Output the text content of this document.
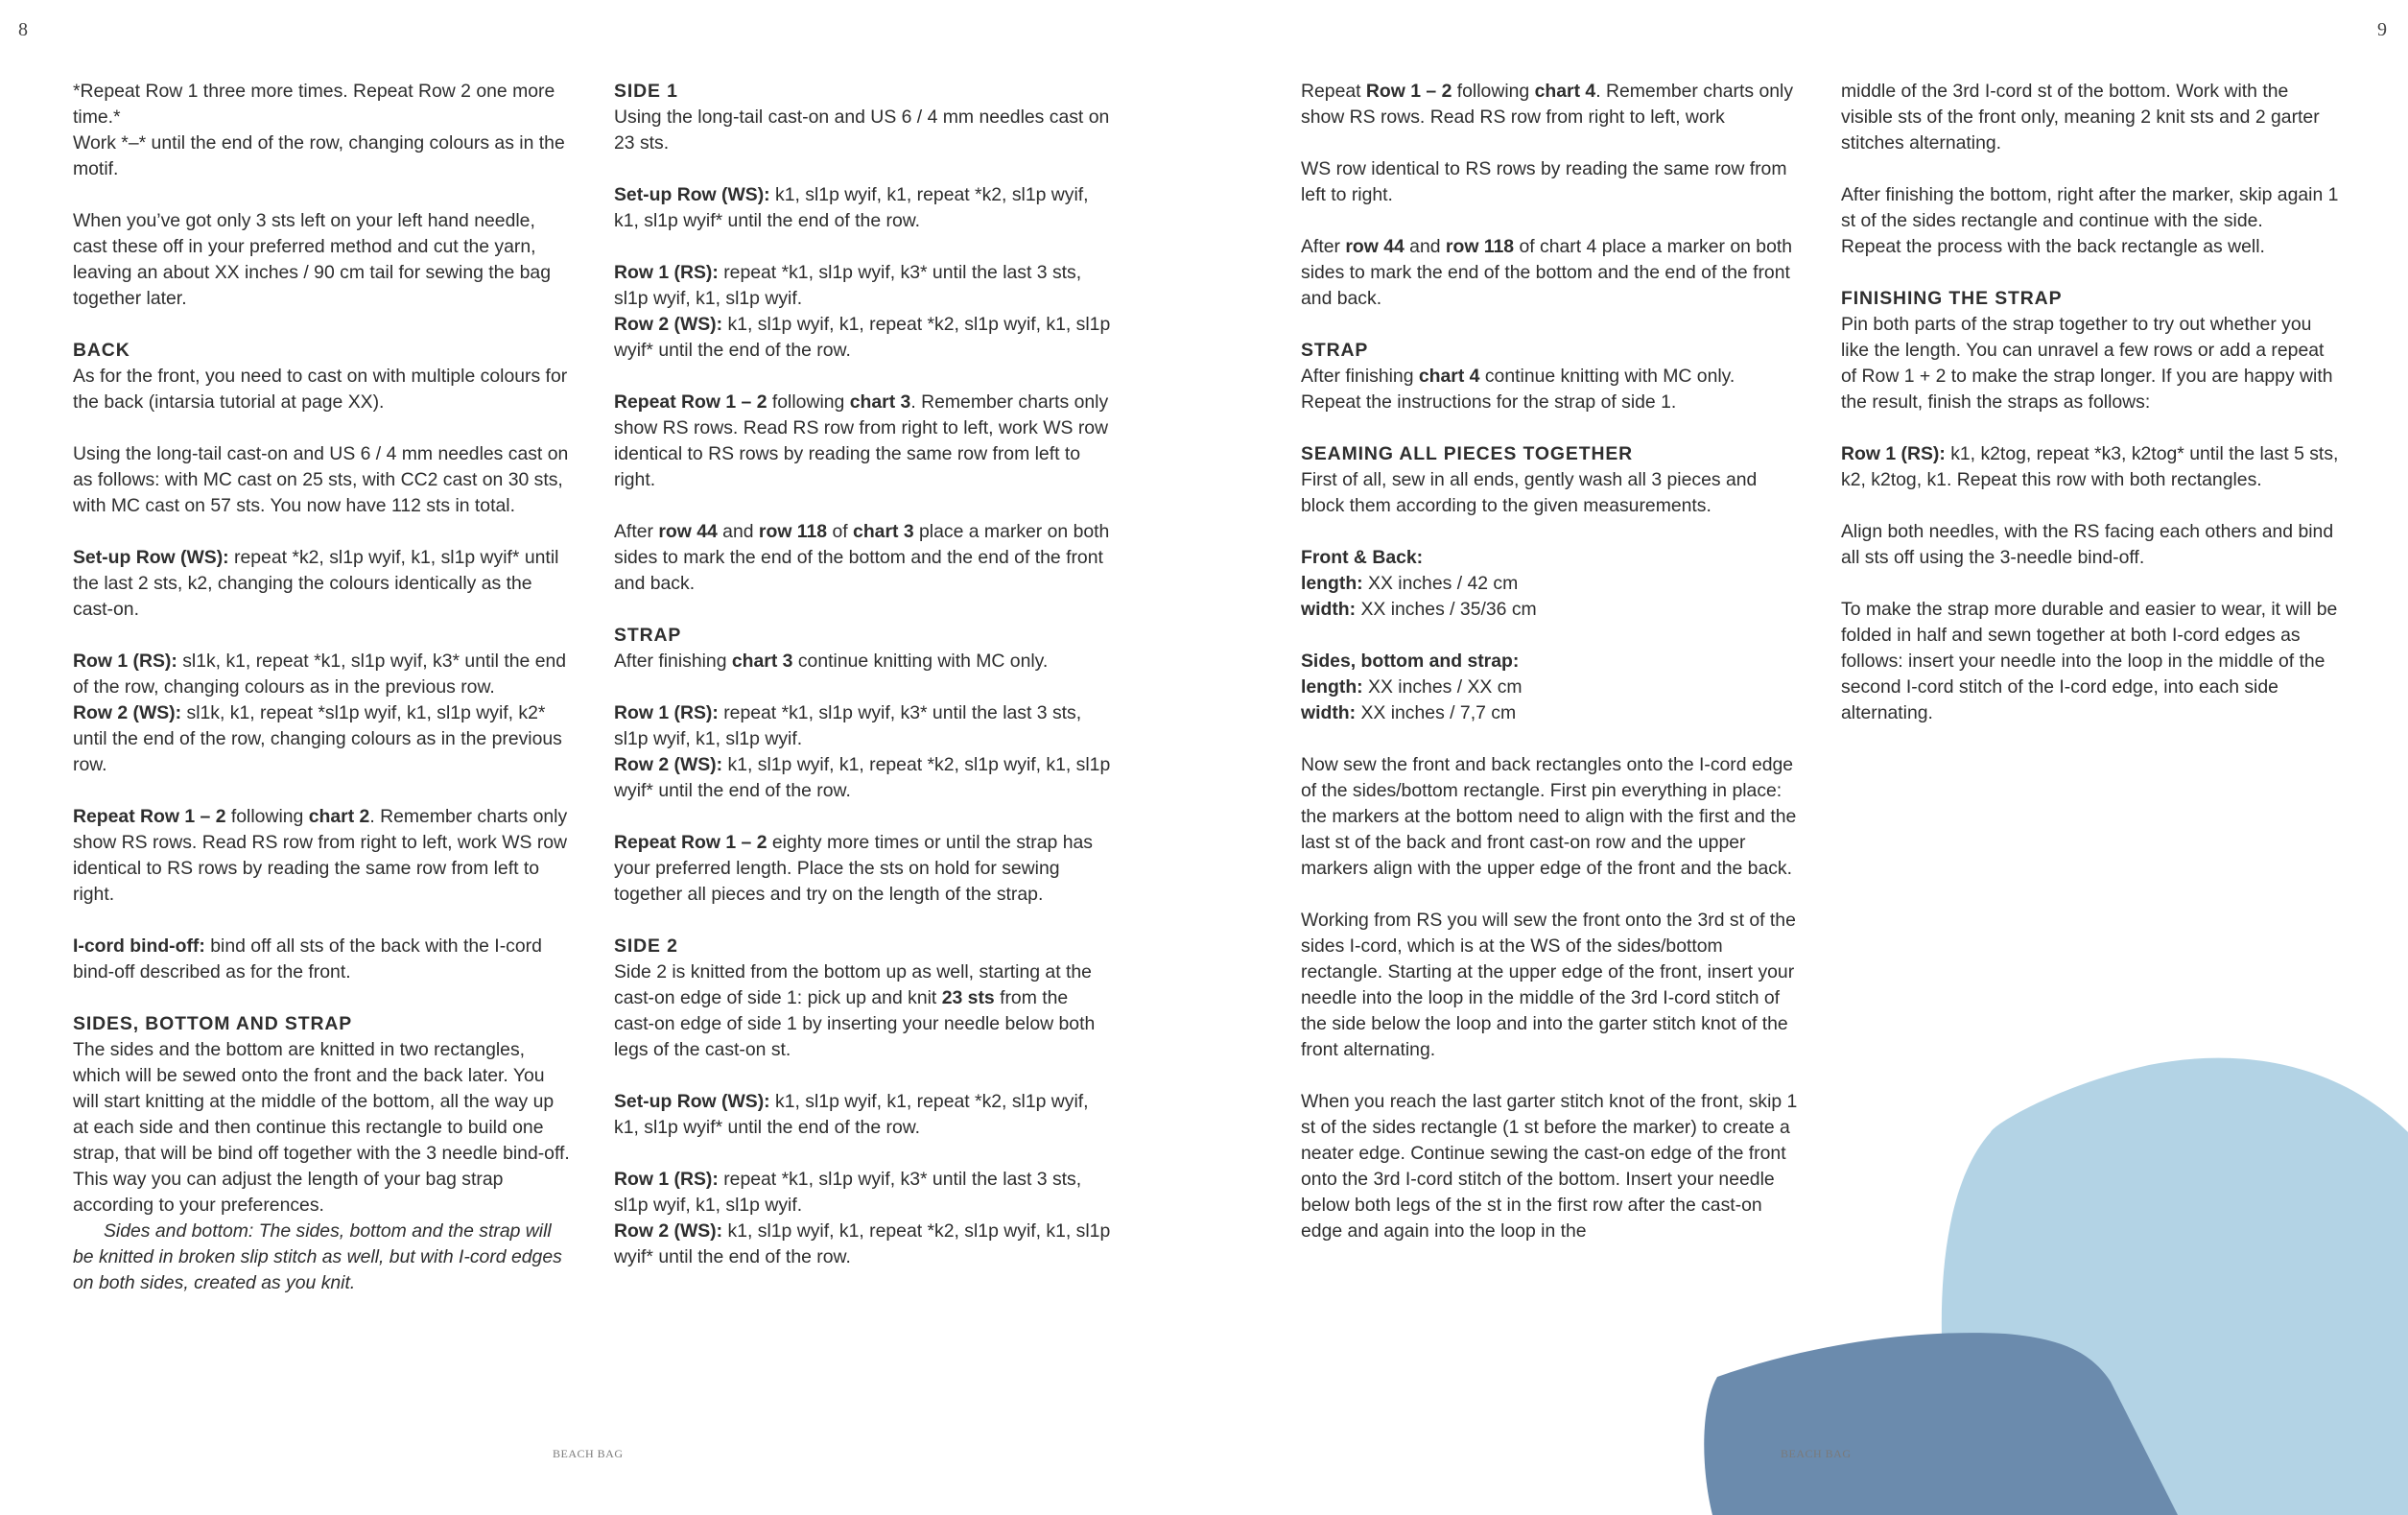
8	9

*Repeat Row 1 three more times. Repeat Row 2 one more time.*

Work *–* until the end of the row, changing colours as in the motif.

When you’ve got only 3 sts left on your left hand needle, cast these off in your preferred method and cut the yarn, leaving an about XX inches / 90 cm tail for sewing the bag together later.

BACK

As for the front, you need to cast on with multiple colours for the back (intarsia tutorial at page XX).

Using the long-tail cast-on and US 6 / 4 mm needles cast on as follows: with MC cast on 25 sts, with CC2 cast on 30 sts, with MC cast on 57 sts. You now have 112 sts in total.

Set-up Row (WS): repeat *k2, sl1p wyif, k1, sl1p wyif* until the last 2 sts, k2, changing the colours identically as the cast-on.

Row 1 (RS): sl1k, k1, repeat *k1, sl1p wyif, k3* until the end of the row, changing colours as in the previous row.

Row 2 (WS): sl1k, k1, repeat *sl1p wyif, k1, sl1p wyif, k2* until the end of the row, changing colours as in the previous row.

Repeat Row 1 – 2 following chart 2. Remember charts only show RS rows. Read RS row from right to left, work WS row identical to RS rows by reading the same row from left to right.

I-cord bind-off: bind off all sts of the back with the I-cord bind-off described as for the front.

SIDES, BOTTOM AND STRAP

The sides and the bottom are knitted in two rectangles, which will be sewed onto the front and the back later. You will start knitting at the middle of the bottom, all the way up at each side and then continue this rectangle to build one strap, that will be bind off together with the 3 needle bind-off. This way you can adjust the length of your bag strap according to your preferences.

Sides and bottom: The sides, bottom and the strap will be knitted in broken slip stitch as well, but with I-cord edges on both sides, created as you knit.

SIDE 1

Using the long-tail cast-on and US 6 / 4 mm needles cast on 23 sts.

Set-up Row (WS): k1, sl1p wyif, k1, repeat *k2, sl1p wyif, k1, sl1p wyif* until the end of the row.

Row 1 (RS): repeat *k1, sl1p wyif, k3* until the last 3 sts, sl1p wyif, k1, sl1p wyif.

Row 2 (WS): k1, sl1p wyif, k1, repeat *k2, sl1p wyif, k1, sl1p wyif* until the end of the row.

Repeat Row 1 – 2 following chart 3. Remember charts only show RS rows. Read RS row from right to left, work WS row identical to RS rows by reading the same row from left to right.

After row 44 and row 118 of chart 3 place a marker on both sides to mark the end of the bottom and the end of the front and back.

STRAP

After finishing chart 3 continue knitting with MC only.

Row 1 (RS): repeat *k1, sl1p wyif, k3* until the last 3 sts, sl1p wyif, k1, sl1p wyif.

Row 2 (WS): k1, sl1p wyif, k1, repeat *k2, sl1p wyif, k1, sl1p wyif* until the end of the row.

Repeat Row 1 – 2 eighty more times or until the strap has your preferred length. Place the sts on hold for sewing together all pieces and try on the length of the strap.

SIDE 2

Side 2 is knitted from the bottom up as well, starting at the cast-on edge of side 1: pick up and knit 23 sts from the cast-on edge of side 1 by inserting your needle below both legs of the cast-on st.

Set-up Row (WS): k1, sl1p wyif, k1, repeat *k2, sl1p wyif, k1, sl1p wyif* until the end of the row.

Row 1 (RS): repeat *k1, sl1p wyif, k3* until the last 3 sts, sl1p wyif, k1, sl1p wyif.

Row 2 (WS): k1, sl1p wyif, k1, repeat *k2, sl1p wyif, k1, sl1p wyif* until the end of the row.

Repeat Row 1 – 2 following chart 4. Remember charts only show RS rows. Read RS row from right to left, work

WS row identical to RS rows by reading the same row from left to right.

After row 44 and row 118 of chart 4 place a marker on both sides to mark the end of the bottom and the end of the front and back.

STRAP

After finishing chart 4 continue knitting with MC only. Repeat the instructions for the strap of side 1.

SEAMING ALL PIECES TOGETHER

First of all, sew in all ends, gently wash all 3 pieces and block them according to the given measurements.

Front & Back:

length: XX inches / 42 cm

width: XX inches / 35/36 cm

Sides, bottom and strap:

length: XX inches / XX cm

width: XX inches / 7,7 cm

Now sew the front and back rectangles onto the I-cord edge of the sides/bottom rectangle. First pin everything in place: the markers at the bottom need to align with the first and the last st of the back and front cast-on row and the upper markers align with the upper edge of the front and the back.

Working from RS you will sew the front onto the 3rd st of the sides I-cord, which is at the WS of the sides/bottom rectangle. Starting at the upper edge of the front, insert your needle into the loop in the middle of the 3rd I-cord stitch of the side below the loop and into the garter stitch knot of the front alternating.

When you reach the last garter stitch knot of the front, skip 1 st of the sides rectangle (1 st before the marker) to create a neater edge. Continue sewing the cast-on edge of the front onto the 3rd I-cord stitch of the bottom. Insert your needle below both legs of the st in the first row after the cast-on edge and again into the loop in the

middle of the 3rd I-cord st of the bottom. Work with the visible sts of the front only, meaning 2 knit sts and 2 garter stitches alternating.

After finishing the bottom, right after the marker, skip again 1 st of the sides rectangle and continue with the side.

Repeat the process with the back rectangle as well.

FINISHING THE STRAP

Pin both parts of the strap together to try out whether you like the length. You can unravel a few rows or add a repeat of Row 1 + 2 to make the strap longer. If you are happy with the result, finish the straps as follows:

Row 1 (RS): k1, k2tog, repeat *k3, k2tog* until the last 5 sts, k2, k2tog, k1. Repeat this row with both rectangles.

Align both needles, with the RS facing each others and bind all sts off using the 3-needle bind-off.

To make the strap more durable and easier to wear, it will be folded in half and sewn together at both I-cord edges as follows: insert your needle into the loop in the middle of the second I-cord stitch of the I-cord edge, into each side alternating.

BEACH BAG	BEACH BAG
